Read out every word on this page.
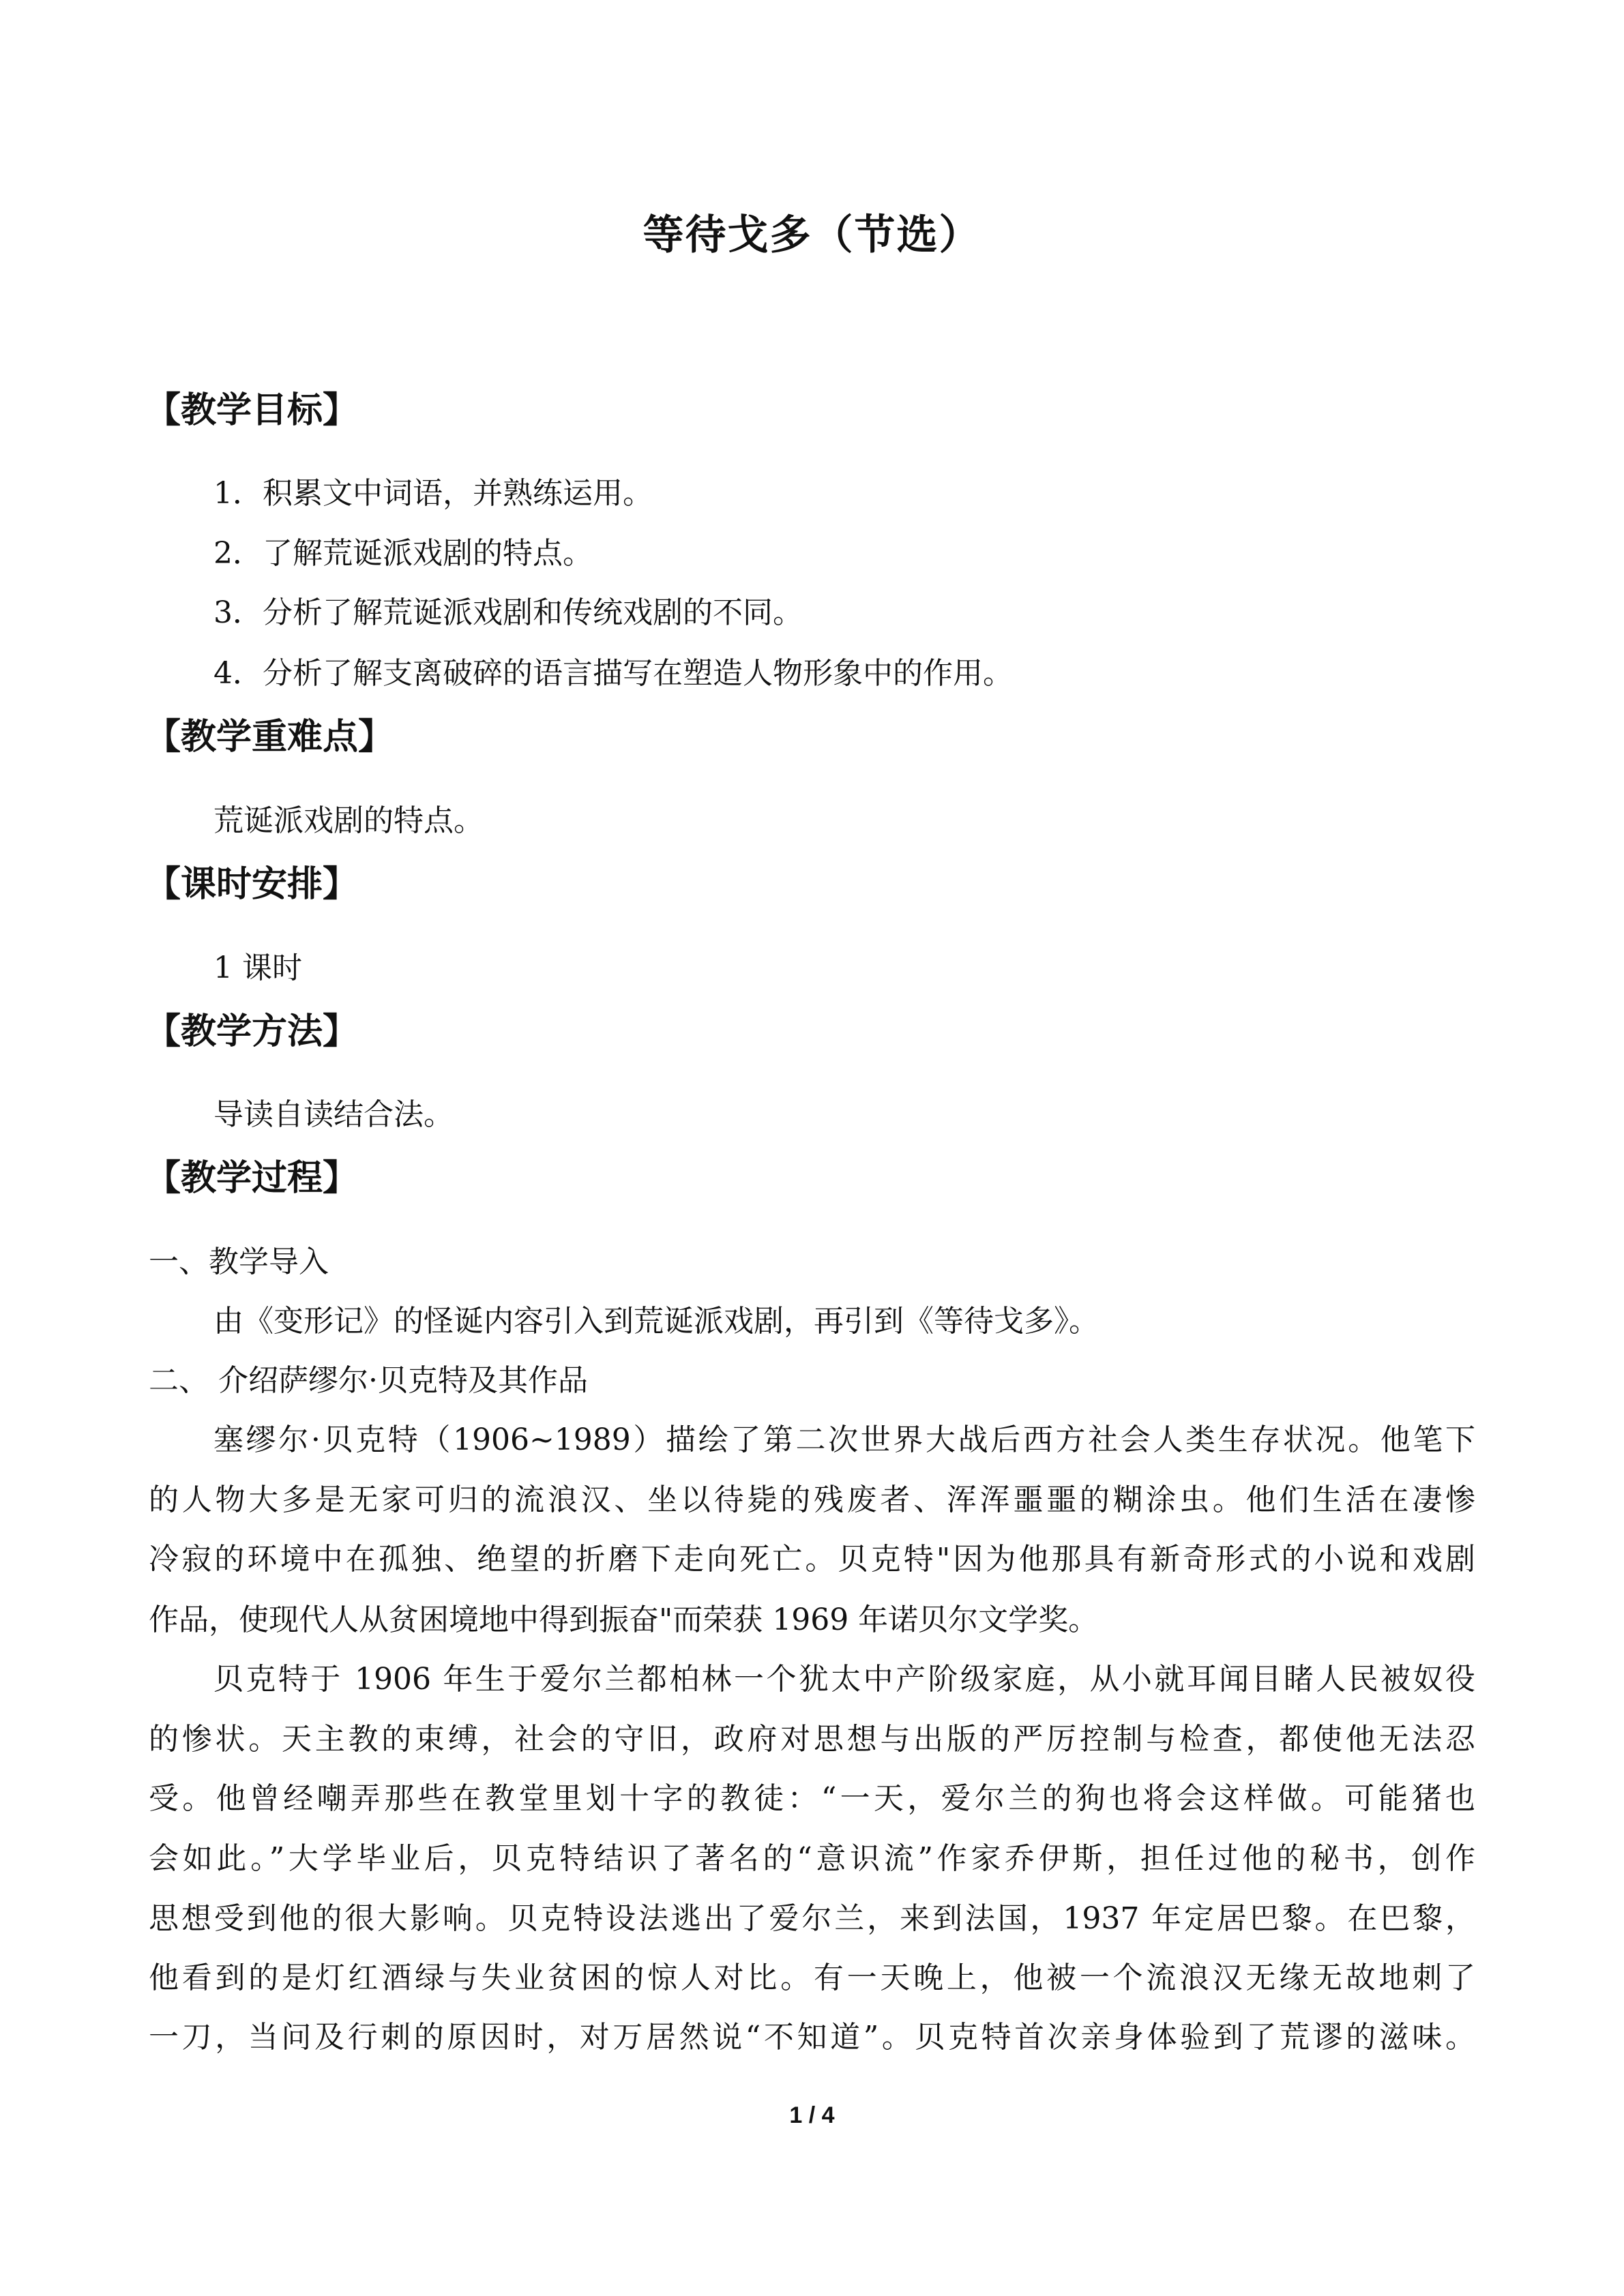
等待戈多（节选）
【教学目标】
1．积累文中词语，并熟练运用。
2．了解荒诞派戏剧的特点。
3．分析了解荒诞派戏剧和传统戏剧的不同。
4．分析了解支离破碎的语言描写在塑造人物形象中的作用。
【教学重难点】
荒诞派戏剧的特点。
【课时安排】
1 课时
【教学方法】
导读自读结合法。
【教学过程】
一、教学导入
由《变形记》的怪诞内容引入到荒诞派戏剧，再引到《等待戈多》。
二、 介绍萨缪尔·贝克特及其作品
塞缪尔·贝克特（1906~1989）描绘了第二次世界大战后西方社会人类生存状况。他笔下
的人物大多是无家可归的流浪汉、坐以待毙的残废者、浑浑噩噩的糊涂虫。他们生活在凄惨
冷寂的环境中在孤独、绝望的折磨下走向死亡。贝克特"因为他那具有新奇形式的小说和戏剧
作品，使现代人从贫困境地中得到振奋"而荣获 1969 年诺贝尔文学奖。
贝克特于 1906 年生于爱尔兰都柏林一个犹太中产阶级家庭，从小就耳闻目睹人民被奴役
的惨状。天主教的束缚，社会的守旧，政府对思想与出版的严厉控制与检查，都使他无法忍
受。他曾经嘲弄那些在教堂里划十字的教徒：“一天，爱尔兰的狗也将会这样做。可能猪也
会如此。”大学毕业后，贝克特结识了著名的“意识流”作家乔伊斯，担任过他的秘书，创作
思想受到他的很大影响。贝克特设法逃出了爱尔兰，来到法国，1937 年定居巴黎。在巴黎，
他看到的是灯红酒绿与失业贫困的惊人对比。有一天晚上，他被一个流浪汉无缘无故地刺了
一刀，当问及行刺的原因时，对万居然说“不知道”。贝克特首次亲身体验到了荒谬的滋味。
1 / 4
